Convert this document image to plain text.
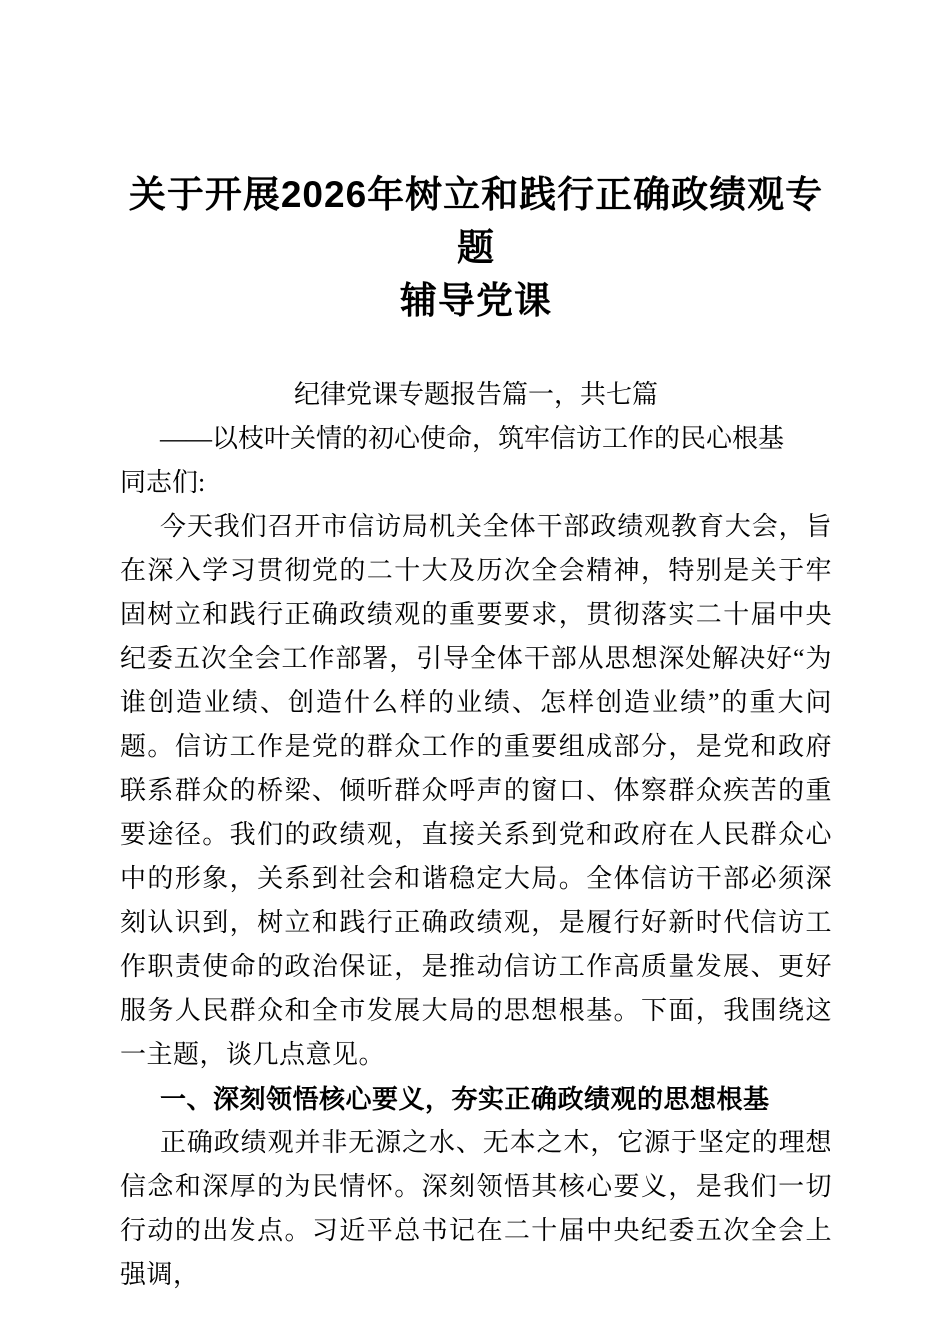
关于开展2026年树立和践行正确政绩观专题
辅导党课
纪律党课专题报告篇一，共七篇
——以枝叶关情的初心使命，筑牢信访工作的民心根基
同志们:

今天我们召开市信访局机关全体干部政绩观教育大会，旨在深入学习贯彻党的二十大及历次全会精神，特别是关于牢固树立和践行正确政绩观的重要要求，贯彻落实二十届中央纪委五次全会工作部署，引导全体干部从思想深处解决好“为谁创造业绩、创造什么样的业绩、怎样创造业绩”的重大问题。信访工作是党的群众工作的重要组成部分，是党和政府联系群众的桥梁、倾听群众呼声的窗口、体察群众疾苦的重要途径。我们的政绩观，直接关系到党和政府在人民群众心中的形象，关系到社会和谐稳定大局。全体信访干部必须深刻认识到，树立和践行正确政绩观，是履行好新时代信访工作职责使命的政治保证，是推动信访工作高质量发展、更好服务人民群众和全市发展大局的思想根基。下面，我围绕这一主题，谈几点意见。

一、深刻领悟核心要义，夯实正确政绩观的思想根基

正确政绩观并非无源之水、无本之木，它源于坚定的理想信念和深厚的为民情怀。深刻领悟其核心要义，是我们一切行动的出发点。习近平总书记在二十届中央纪委五次全会上强调，
